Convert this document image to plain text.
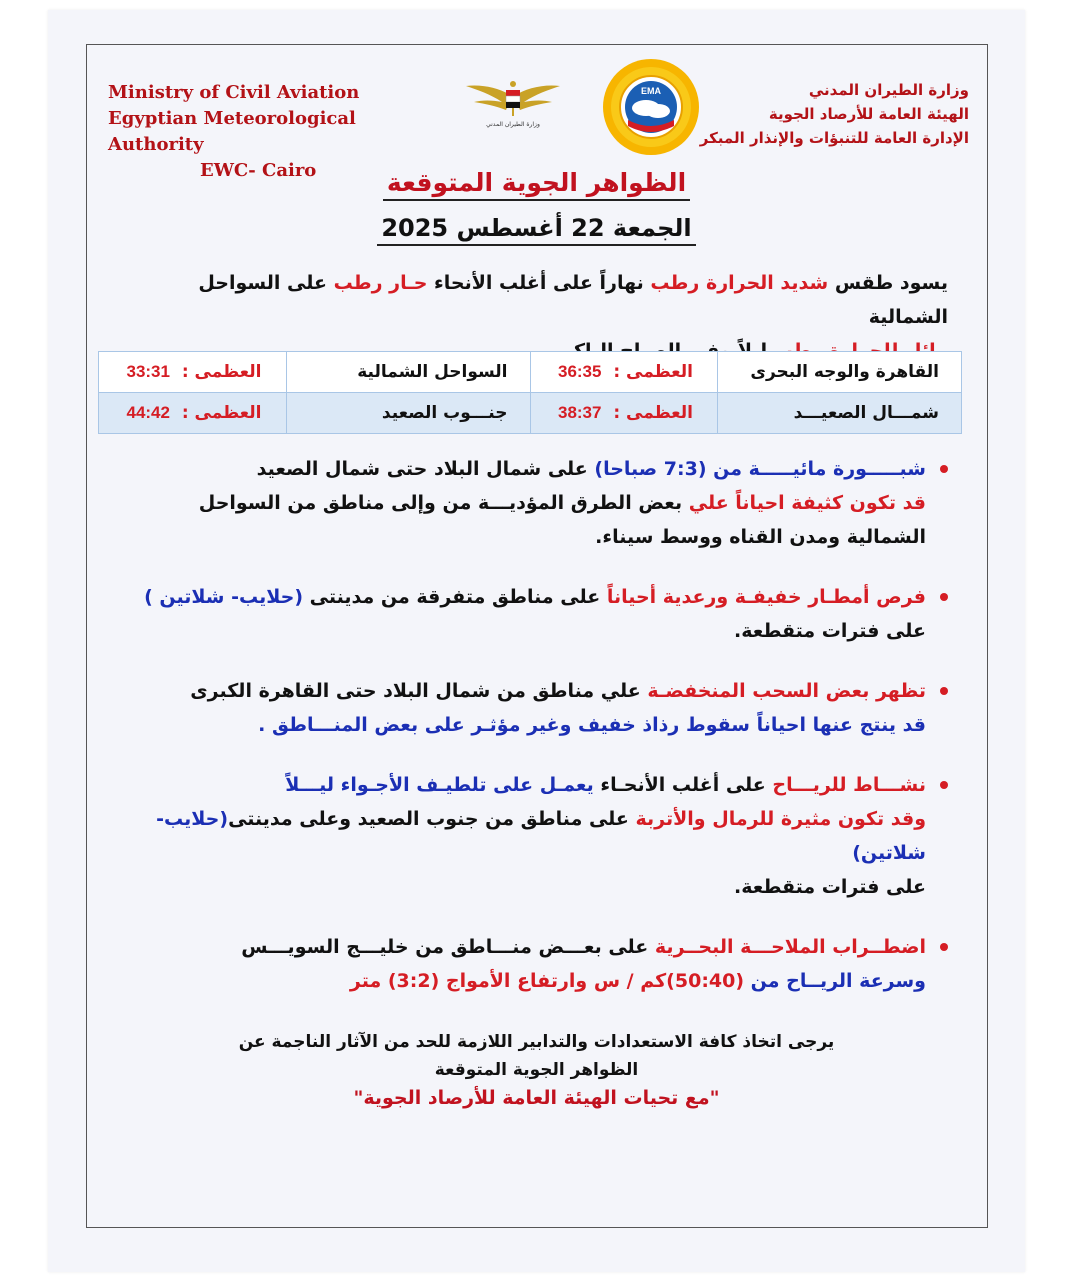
Ministry of Civil Aviation
Egyptian Meteorological Authority
EWC- Cairo
وزارة الطيران المدني
EMA	وزارة الطيران المدني
الهيئة العامة للأرصاد الجوية
الإدارة العامة للتنبؤات والإنذار المبكر
الظواهر الجوية المتوقعة
الجمعة 22 أغسطس 2025
يسود طقس شديد الحرارة رطب نهاراً على أغلب الأنحاء حـار رطب على السواحل الشمالية

القاهرة والوجه البحرى	العظمى :  36:35	السواحل الشمالية	العظمى :  33:31
شمـــال الصعيـــد	العظمى :  38:37	جنـــوب الصعيد	العظمى :  44:42
شبـــــورة مائيـــــة من (7:3 صباحا) على شمال البلاد حتى شمال الصعيد
قد تكون كثيفة احياناً علي بعض الطرق المؤديـــة من وإلى مناطق من السواحل الشمالية ومدن القناه ووسط سيناء.
فرص أمطـار خفيفـة ورعدية أحياناً على مناطق متفرقة من مدينتى (حلايب- شلاتين )
على فترات متقطعة.
تظهر بعض السحب المنخفضـة علي مناطق من شمال البلاد حتى القاهرة الكبرى
قد ينتج عنها احياناً سقوط رذاذ خفيف وغير مؤثـر على بعض المنـــاطق .
نشـــاط للريـــاح على أغلب الأنحـاء يعمـل على تلطيـف الأجـواء ليـــلاً
وقد تكون مثيرة للرمال والأتربة على مناطق من جنوب الصعيد وعلى مدينتى(حلايب- شلاتين)
على فترات متقطعة.
اضطــراب الملاحـــة البحــرية على بعـــض منـــاطق من خليـــج السويـــس
وسرعة الريــاح من (50:40)كم / س وارتفاع الأمواج (3:2) متر
يرجى اتخاذ كافة الاستعدادات والتدابير اللازمة للحد من الآثار الناجمة عن
الظواهر الجوية المتوقعة
"مع تحيات الهيئة العامة للأرصاد الجوية"
